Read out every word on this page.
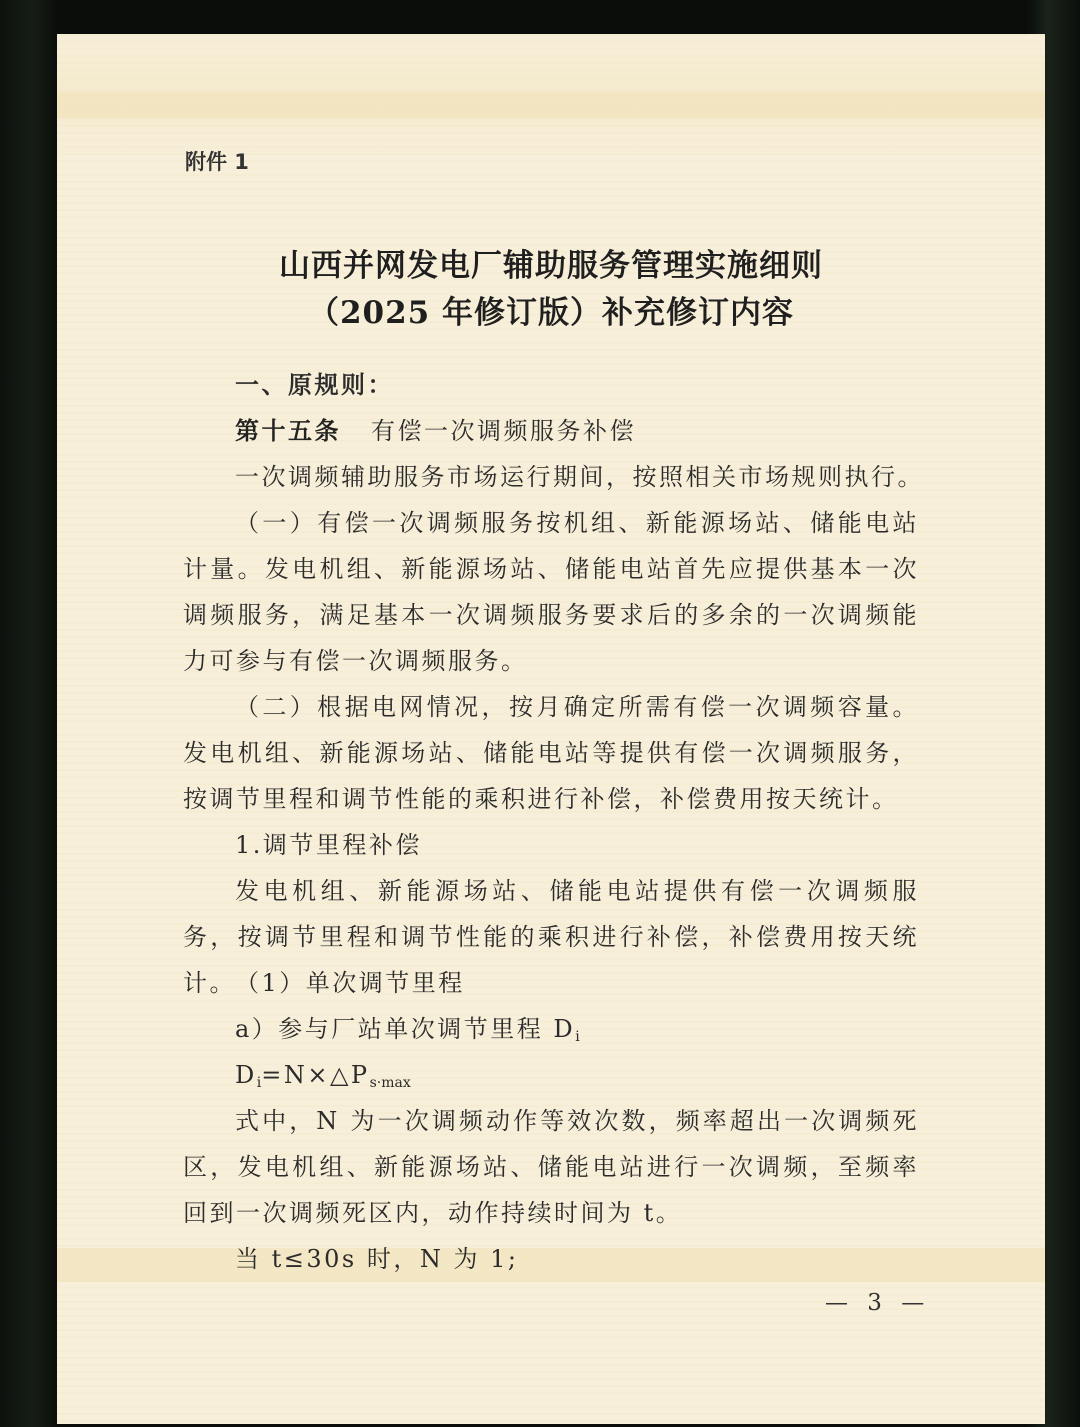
附件 1
山西并网发电厂辅助服务管理实施细则
（2025 年修订版）补充修订内容
一、原规则：
第十五条 有偿一次调频服务补偿
一次调频辅助服务市场运行期间，按照相关市场规则执行。

（一）有偿一次调频服务按机组、新能源场站、储能电站计量。发电机组、新能源场站、储能电站首先应提供基本一次调频服务，满足基本一次调频服务要求后的多余的一次调频能力可参与有偿一次调频服务。

（二）根据电网情况，按月确定所需有偿一次调频容量。发电机组、新能源场站、储能电站等提供有偿一次调频服务，按调节里程和调节性能的乘积进行补偿，补偿费用按天统计。

1.调节里程补偿

发电机组、新能源场站、储能电站提供有偿一次调频服务，按调节里程和调节性能的乘积进行补偿，补偿费用按天统计。 （1）单次调节里程
a）参与厂站单次调节里程 $D_i$
$D_i=N\times\triangle P_{s\cdot max}$

式中，N 为一次调频动作等效次数，频率超出一次调频死区，发电机组、新能源场站、储能电站进行一次调频，至频率回到一次调频死区内，动作持续时间为 t。

当 t≤30s 时，N 为 1;
— 3 —
